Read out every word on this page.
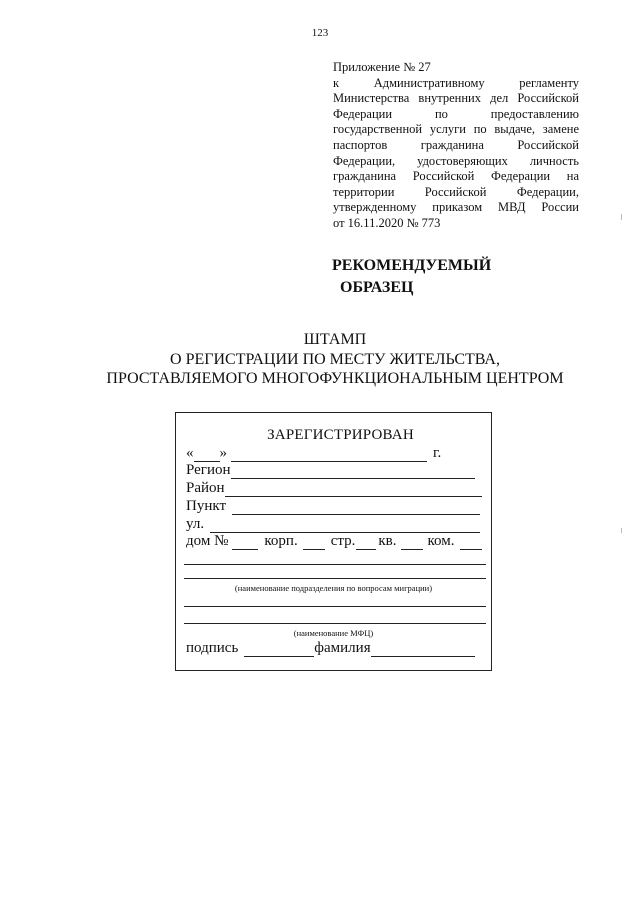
123
Приложение № 27
к Административному регламенту
Министерства внутренних дел Российской
Федерации по предоставлению
государственной услуги по выдаче, замене
паспортов гражданина Российской
Федерации, удостоверяющих личность
гражданина Российской Федерации на
территории Российской Федерации,
утвержденному приказом МВД России
от 16.11.2020 № 773
РЕКОМЕНДУЕМЫЙ
ОБРАЗЕЦ
ШТАМП
О РЕГИСТРАЦИИ ПО МЕСТУ ЖИТЕЛЬСТВА,
ПРОСТАВЛЯЕМОГО МНОГОФУНКЦИОНАЛЬНЫМ ЦЕНТРОМ
ЗАРЕГИСТРИРОВАН
« »	г.
Регион
Район
Пункт
ул.
дом № корп. стр. кв. ком.
(наименование подразделения по вопросам миграции)
(наименование МФЦ)
подпись	фамилия
